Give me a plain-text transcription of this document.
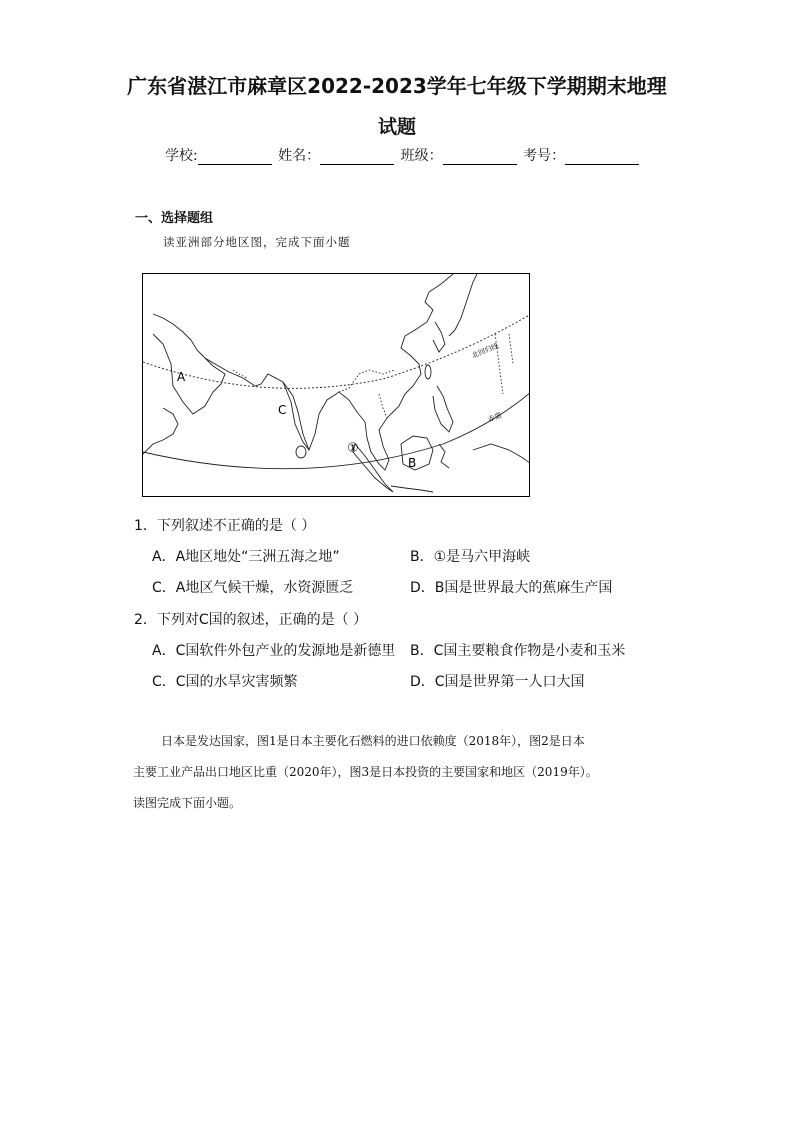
广东省湛江市麻章区2022-2023学年七年级下学期期末地理
试题
学校:	姓名：	班级：	考号：
一、选择题组
读亚洲部分地区图，完成下面小题
A
C
B
①
北回归线
赤道
1．下列叙述不正确的是（ ）
A．A地区地处“三洲五海之地”	B．①是马六甲海峡
C．A地区气候干燥，水资源匮乏	D．B国是世界最大的蕉麻生产国
2．下列对C国的叙述，正确的是（ ）
A．C国软件外包产业的发源地是新德里 B．C国主要粮食作物是小麦和玉米
C．C国的水旱灾害频繁	D．C国是世界第一人口大国
日本是发达国家，图1是日本主要化石燃料的进口依赖度（2018年），图2是日本
主要工业产品出口地区比重（2020年），图3是日本投资的主要国家和地区（2019年）。
读图完成下面小题。
